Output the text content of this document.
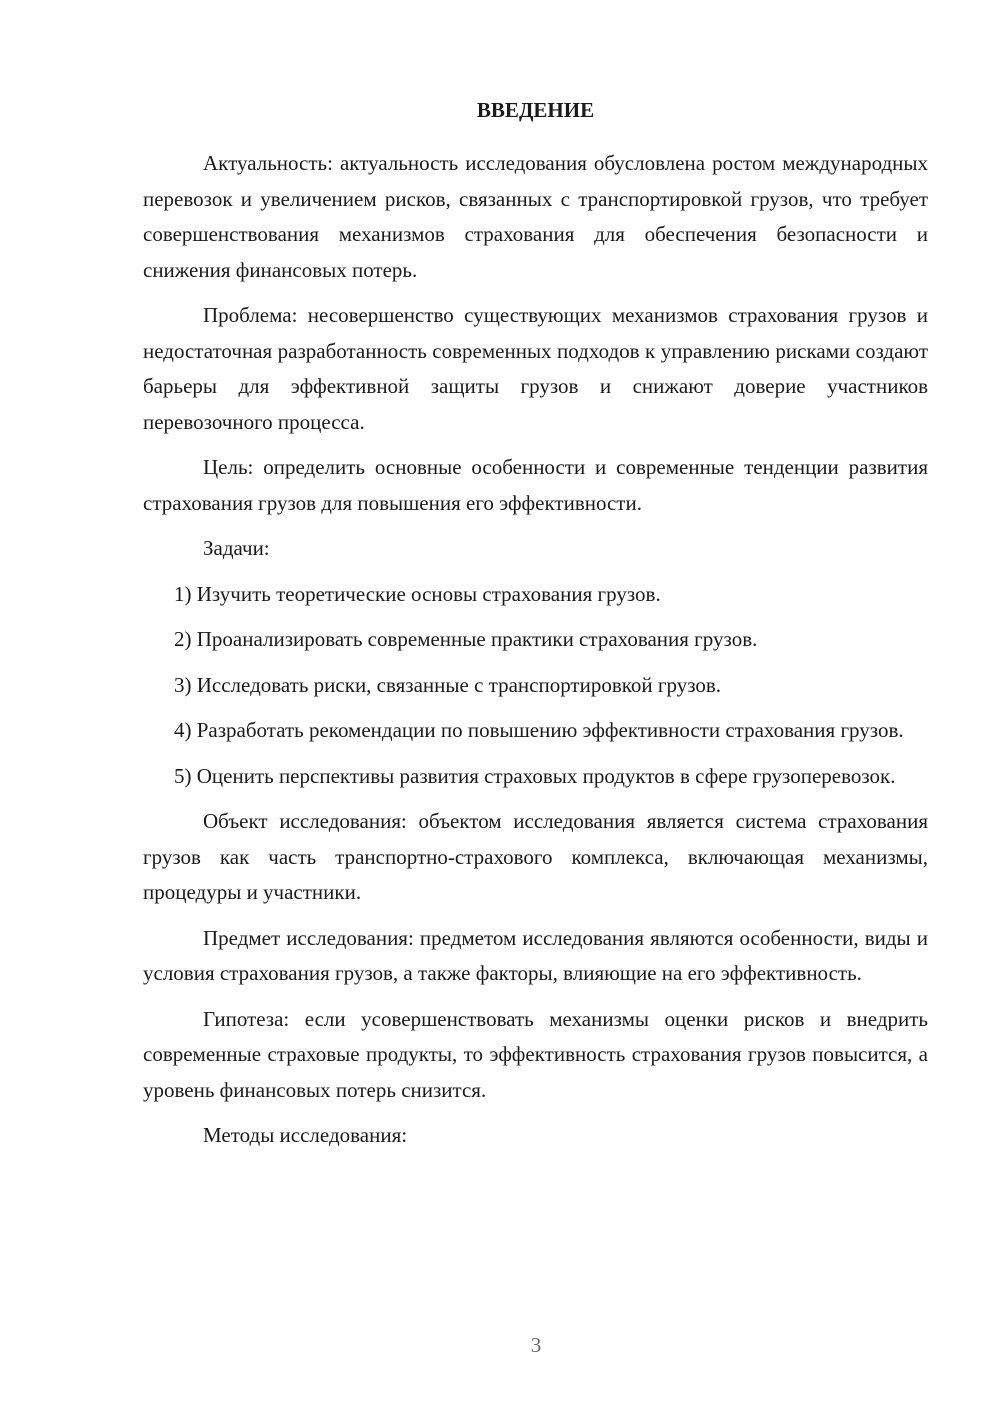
ВВЕДЕНИЕ

Актуальность: актуальность исследования обусловлена ростом международных перевозок и увеличением рисков, связанных с транспортировкой грузов, что требует совершенствования механизмов страхования для обеспечения безопасности и снижения финансовых потерь.

Проблема: несовершенство существующих механизмов страхования грузов и недостаточная разработанность современных подходов к управлению рисками создают барьеры для эффективной защиты грузов и снижают доверие участников перевозочного процесса.

Цель: определить основные особенности и современные тенденции развития страхования грузов для повышения его эффективности.

Задачи:

1) Изучить теоретические основы страхования грузов.

2) Проанализировать современные практики страхования грузов.

3) Исследовать риски, связанные с транспортировкой грузов.

4) Разработать рекомендации по повышению эффективности страхования грузов.

5) Оценить перспективы развития страховых продуктов в сфере грузоперевозок.

Объект исследования: объектом исследования является система страхования грузов как часть транспортно-страхового комплекса, включающая механизмы, процедуры и участники.

Предмет исследования: предметом исследования являются особенности, виды и условия страхования грузов, а также факторы, влияющие на его эффективность.

Гипотеза: если усовершенствовать механизмы оценки рисков и внедрить современные страховые продукты, то эффективность страхования грузов повысится, а уровень финансовых потерь снизится.

Методы исследования:

3
